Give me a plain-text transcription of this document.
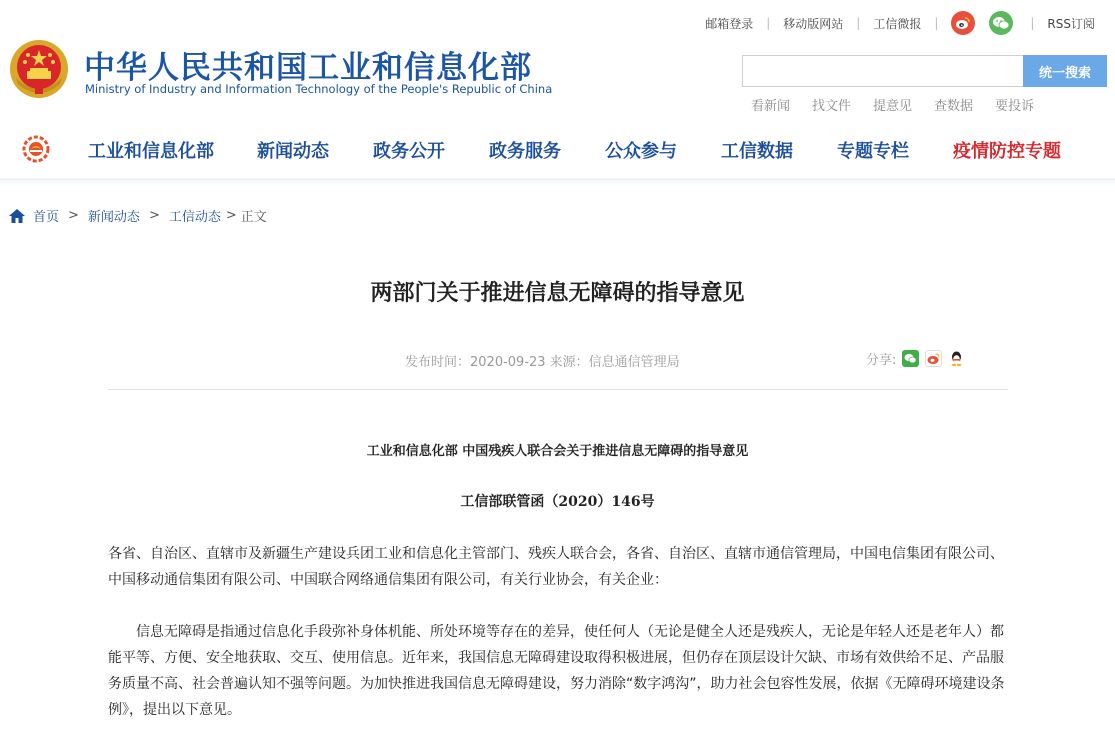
中华人民共和国工业和信息化部
Ministry of Industry and Information Technology of the People's Republic of China
邮箱登录 | 移动版网站 | 工信微报 |	| RSS订阅
统一搜索
看新闻 找文件 提意见 查数据 要投诉
工业和信息化部 新闻动态 政务公开 政务服务 公众参与 工信数据 专题专栏 疫情防控专题
首页 > 新闻动态 > 工信动态 > 正文
两部门关于推进信息无障碍的指导意见
发布时间：2020-09-23 来源：信息通信管理局	分享:
工业和信息化部 中国残疾人联合会关于推进信息无障碍的指导意见
工信部联管函（2020）146号

各省、自治区、直辖市及新疆生产建设兵团工业和信息化主管部门、残疾人联合会，各省、自治区、直辖市通信管理局，中国电信集团有限公司、中国移动通信集团有限公司、中国联合网络通信集团有限公司，有关行业协会，有关企业：

信息无障碍是指通过信息化手段弥补身体机能、所处环境等存在的差异，使任何人（无论是健全人还是残疾人，无论是年轻人还是老年人）都能平等、方便、安全地获取、交互、使用信息。近年来，我国信息无障碍建设取得积极进展，但仍存在顶层设计欠缺、市场有效供给不足、产品服务质量不高、社会普遍认知不强等问题。为加快推进我国信息无障碍建设，努力消除“数字鸿沟”，助力社会包容性发展，依据《无障碍环境建设条例》，提出以下意见。
